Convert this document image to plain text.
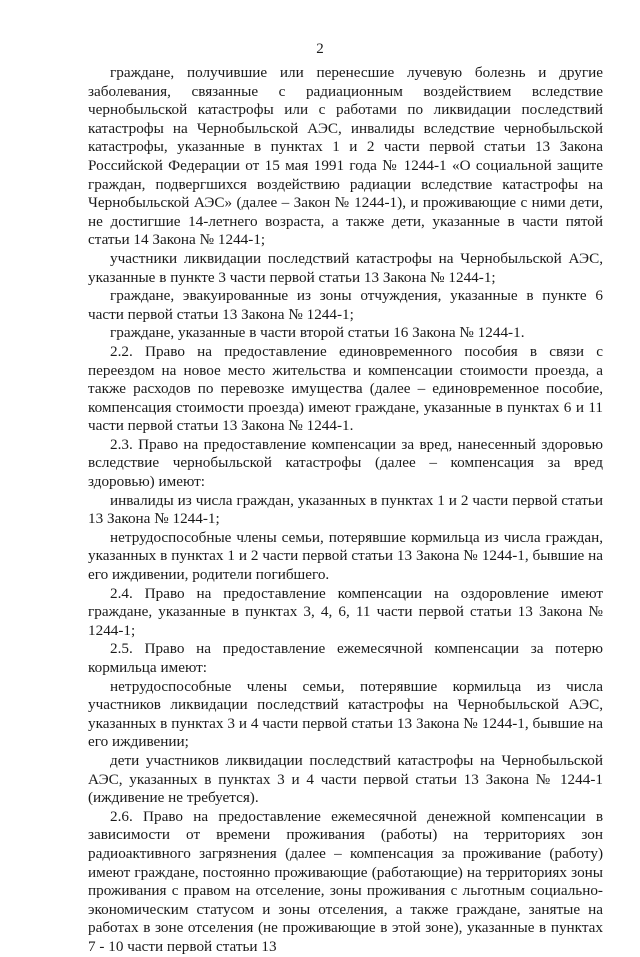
2

граждане, получившие или перенесшие лучевую болезнь и другие заболевания, связанные с радиационным воздействием вследствие чернобыльской катастрофы или с работами по ликвидации последствий катастрофы на Чернобыльской АЭС, инвалиды вследствие чернобыльской катастрофы, указанные в пунктах 1 и 2 части первой статьи 13 Закона Российской Федерации от 15 мая 1991 года № 1244-1 «О социальной защите граждан, подвергшихся воздействию радиации вследствие катастрофы на Чернобыльской АЭС» (далее – Закон № 1244-1), и проживающие с ними дети, не достигшие 14-летнего возраста, а также дети, указанные в части пятой статьи 14 Закона № 1244-1;

участники ликвидации последствий катастрофы на Чернобыльской АЭС, указанные в пункте 3 части первой статьи 13 Закона № 1244-1;

граждане, эвакуированные из зоны отчуждения, указанные в пункте 6 части первой статьи 13 Закона № 1244-1;

граждане, указанные в части второй статьи 16 Закона № 1244-1.

2.2. Право на предоставление единовременного пособия в связи с переездом на новое место жительства и компенсации стоимости проезда, а также расходов по перевозке имущества (далее – единовременное пособие, компенсация стоимости проезда) имеют граждане, указанные в пунктах 6 и 11 части первой статьи 13 Закона № 1244-1.

2.3. Право на предоставление компенсации за вред, нанесенный здоровью вследствие чернобыльской катастрофы (далее – компенсация за вред здоровью) имеют:

инвалиды из числа граждан, указанных в пунктах 1 и 2 части первой статьи 13 Закона № 1244-1;

нетрудоспособные члены семьи, потерявшие кормильца из числа граждан, указанных в пунктах 1 и 2 части первой статьи 13 Закона № 1244-1, бывшие на его иждивении, родители погибшего.

2.4. Право на предоставление компенсации на оздоровление имеют граждане, указанные в пунктах 3, 4, 6, 11 части первой статьи 13 Закона № 1244-1;

2.5. Право на предоставление ежемесячной компенсации за потерю кормильца имеют:

нетрудоспособные члены семьи, потерявшие кормильца из числа участников ликвидации последствий катастрофы на Чернобыльской АЭС, указанных в пунктах 3 и 4 части первой статьи 13 Закона № 1244-1, бывшие на его иждивении;

дети участников ликвидации последствий катастрофы на Чернобыльской АЭС, указанных в пунктах 3 и 4 части первой статьи 13 Закона № 1244-1 (иждивение не требуется).

2.6. Право на предоставление ежемесячной денежной компенсации в зависимости от времени проживания (работы) на территориях зон радиоактивного загрязнения (далее – компенсация за проживание (работу) имеют граждане, постоянно проживающие (работающие) на территориях зоны проживания с правом на отселение, зоны проживания с льготным социально-экономическим статусом и зоны отселения, а также граждане, занятые на работах в зоне отселения (не проживающие в этой зоне), указанные в пунктах 7 - 10 части первой статьи 13
